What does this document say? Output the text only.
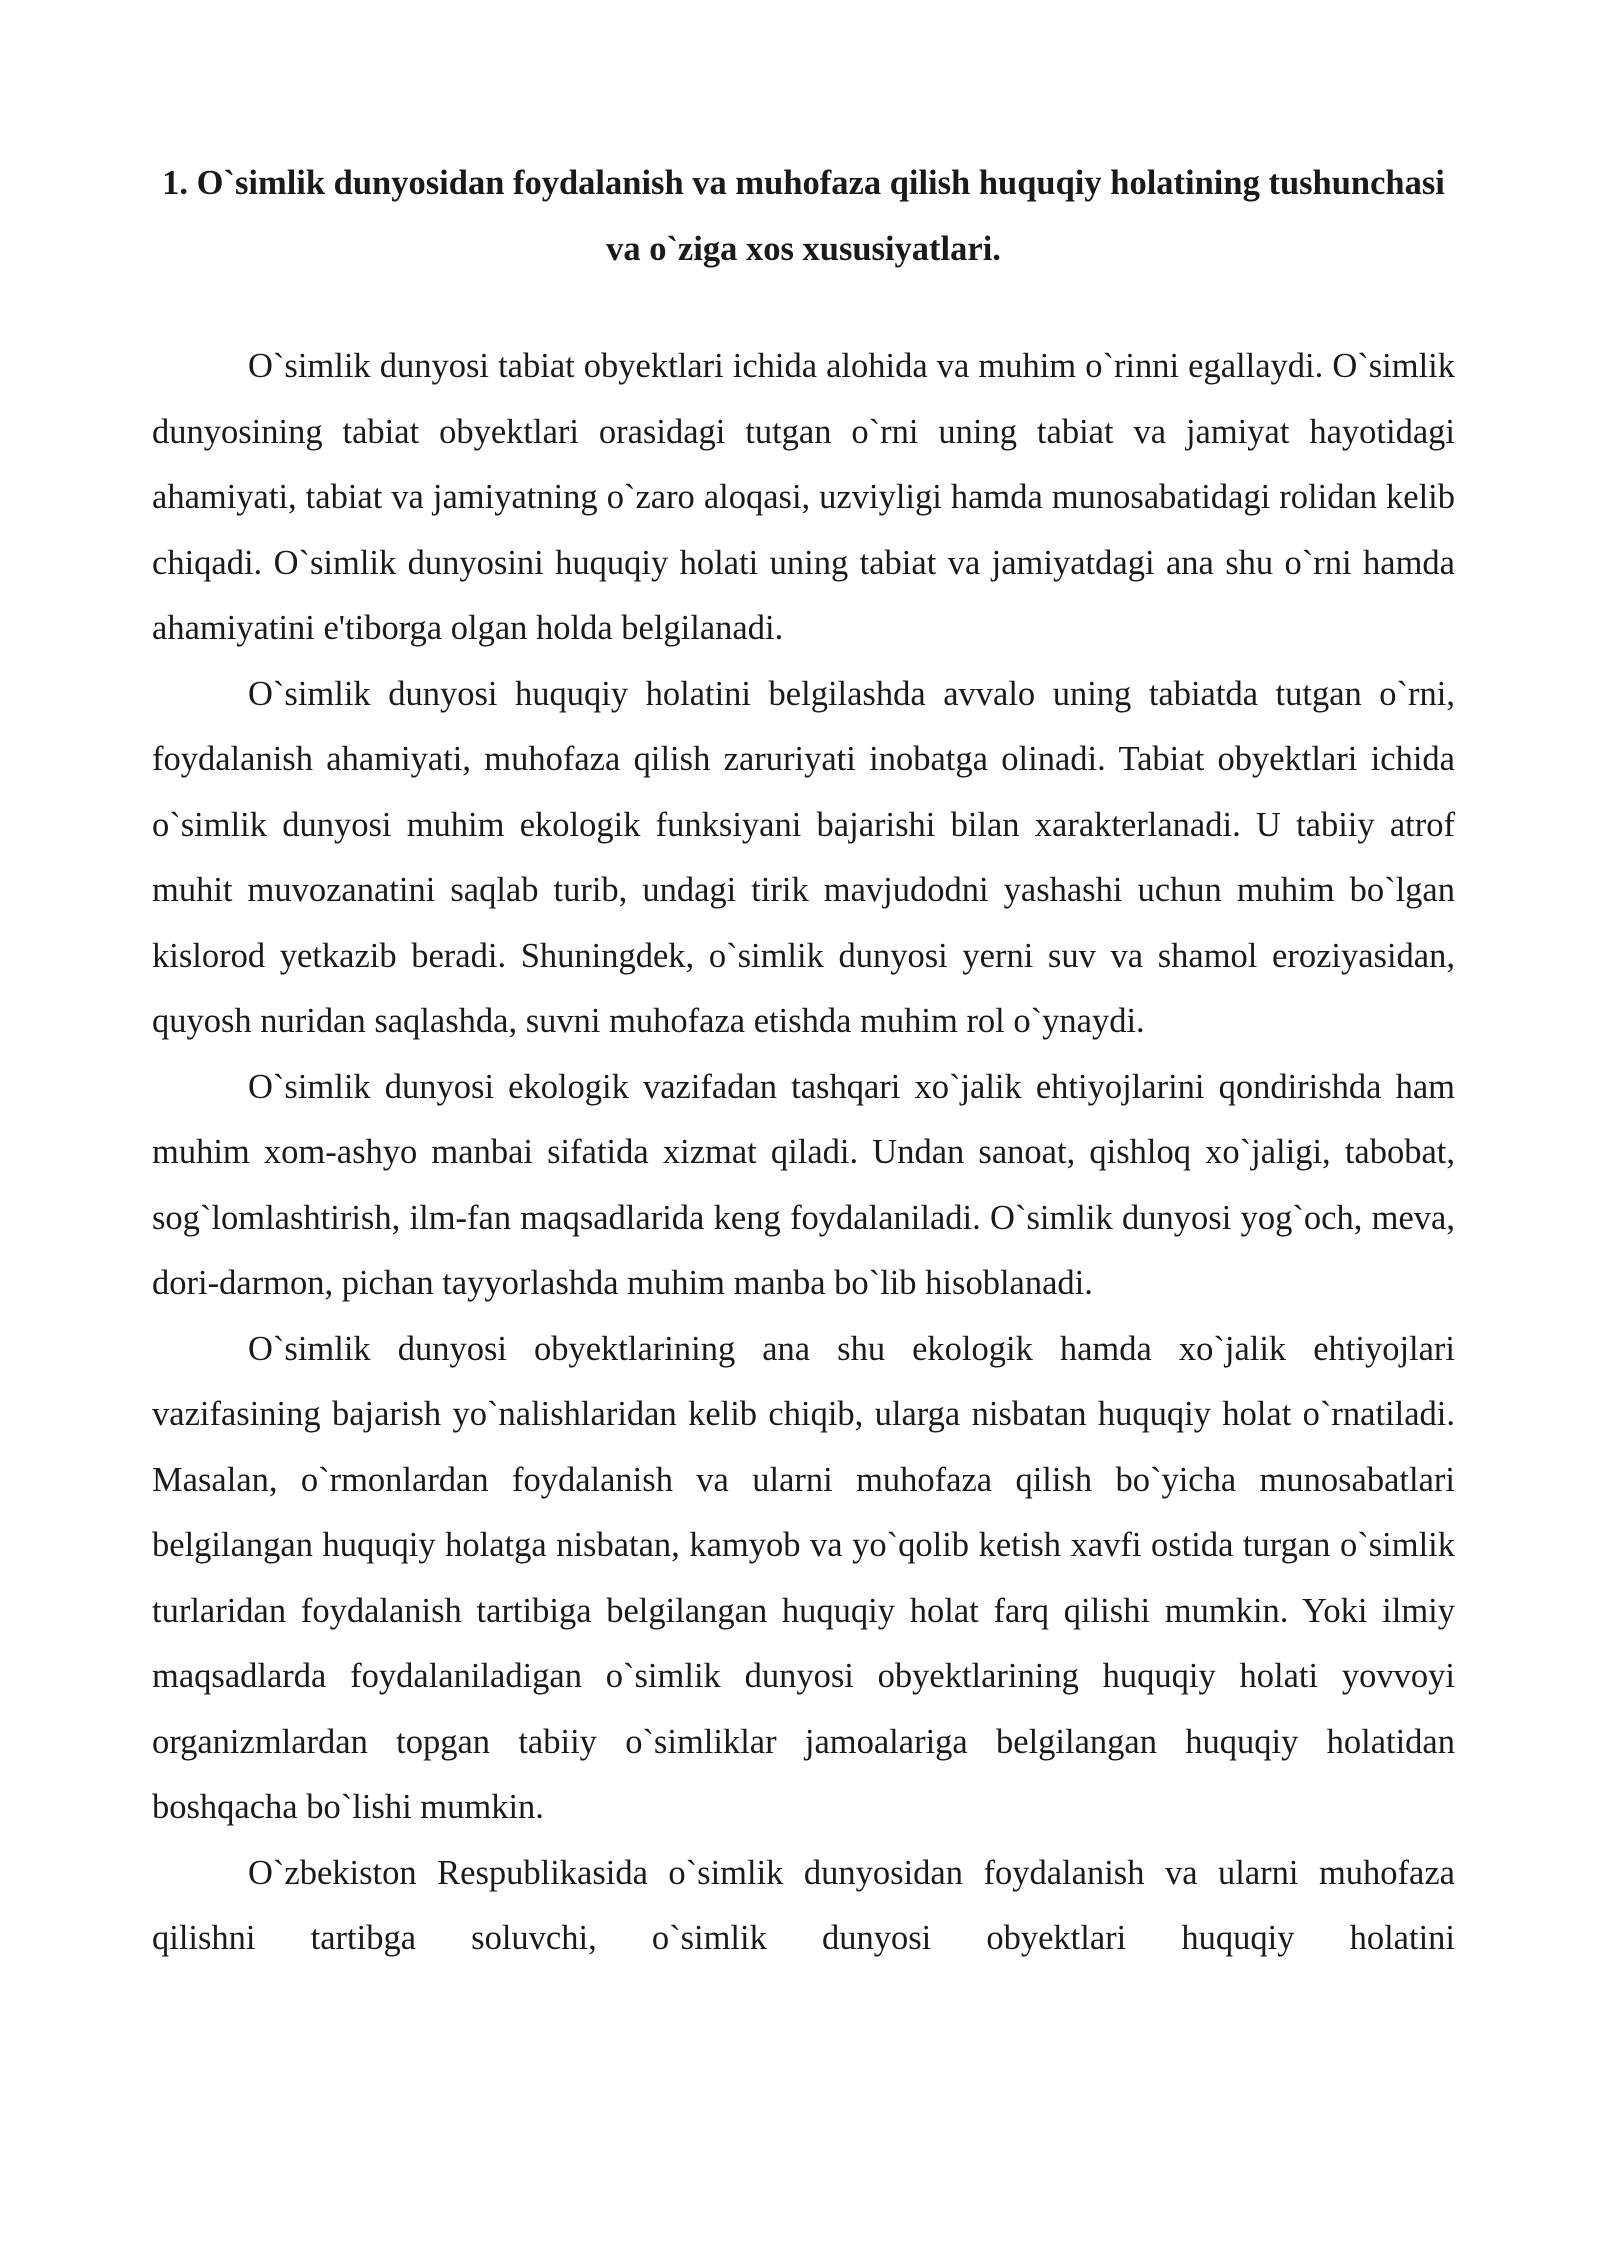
1. O`simlik dunyosidan foydalanish va muhofaza qilish huquqiy holatining tushunchasi va o`ziga xos xususiyatlari.

O`simlik dunyosi tabiat obyektlari ichida alohida va muhim o`rinni egallaydi. O`simlik dunyosining tabiat obyektlari orasidagi tutgan o`rni uning tabiat va jamiyat hayotidagi ahamiyati, tabiat va jamiyatning o`zaro aloqasi, uzviyligi hamda munosabatidagi rolidan kelib chiqadi. O`simlik dunyosini huquqiy holati uning tabiat va jamiyatdagi ana shu o`rni hamda ahamiyatini e'tiborga olgan holda belgilanadi.

O`simlik dunyosi huquqiy holatini belgilashda avvalo uning tabiatda tutgan o`rni, foydalanish ahamiyati, muhofaza qilish zaruriyati inobatga olinadi. Tabiat obyektlari ichida o`simlik dunyosi muhim ekologik funksiyani bajarishi bilan xarakterlanadi. U tabiiy atrof muhit muvozanatini saqlab turib, undagi tirik mavjudodni yashashi uchun muhim bo`lgan kislorod yetkazib beradi. Shuningdek, o`simlik dunyosi yerni suv va shamol eroziyasidan, quyosh nuridan saqlashda, suvni muhofaza etishda muhim rol o`ynaydi.

O`simlik dunyosi ekologik vazifadan tashqari xo`jalik ehtiyojlarini qondirishda ham muhim xom-ashyo manbai sifatida xizmat qiladi. Undan sanoat, qishloq xo`jaligi, tabobat, sog`lomlashtirish, ilm-fan maqsadlarida keng foydalaniladi. O`simlik dunyosi yog`och, meva, dori-darmon, pichan tayyorlashda muhim manba bo`lib hisoblanadi.

O`simlik dunyosi obyektlarining ana shu ekologik hamda xo`jalik ehtiyojlari vazifasining bajarish yo`nalishlaridan kelib chiqib, ularga nisbatan huquqiy holat o`rnatiladi. Masalan, o`rmonlardan foydalanish va ularni muhofaza qilish bo`yicha munosabatlari belgilangan huquqiy holatga nisbatan, kamyob va yo`qolib ketish xavfi ostida turgan o`simlik turlaridan foydalanish tartibiga belgilangan huquqiy holat farq qilishi mumkin. Yoki ilmiy maqsadlarda foydalaniladigan o`simlik dunyosi obyektlarining huquqiy holati yovvoyi organizmlardan topgan tabiiy o`simliklar jamoalariga belgilangan huquqiy holatidan boshqacha bo`lishi mumkin.

O`zbekiston Respublikasida o`simlik dunyosidan foydalanish va ularni muhofaza qilishni tartibga soluvchi, o`simlik dunyosi obyektlari huquqiy holatini
